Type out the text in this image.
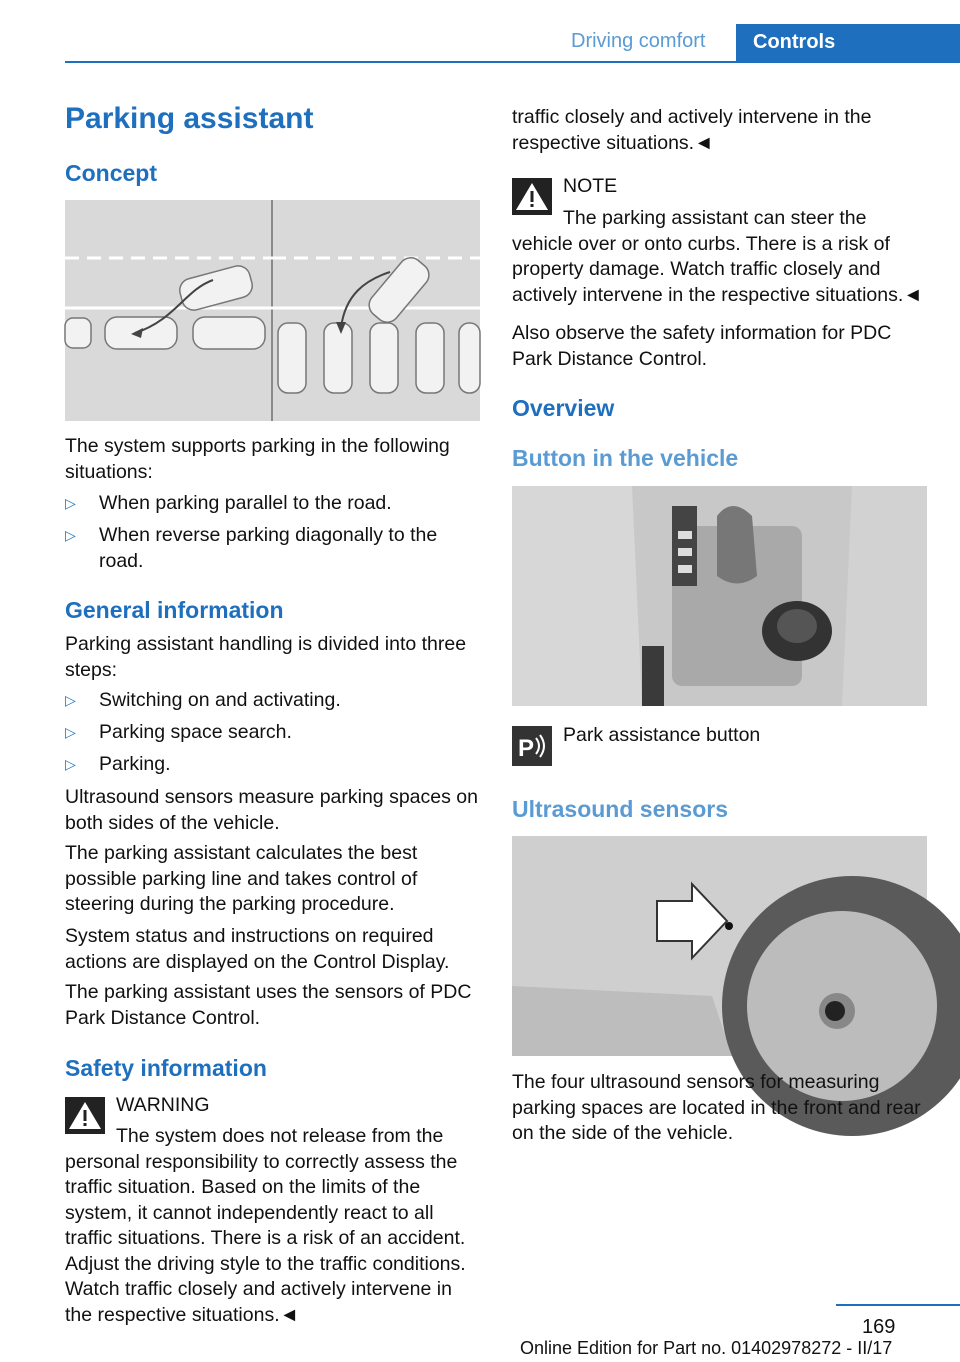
Driving comfort Controls
Parking assistant
Concept
The system supports parking in the following situations:
▷ When parking parallel to the road.
▷ When reverse parking diagonally to the road.
General information
Parking assistant handling is divided into three steps:
▷ Switching on and activating.
▷ Parking space search.
▷ Parking.
Ultrasound sensors measure parking spaces on both sides of the vehicle.
The parking assistant calculates the best possible parking line and takes control of steering during the parking procedure.
System status and instructions on required actions are displayed on the Control Display.
The parking assistant uses the sensors of PDC Park Distance Control.
Safety information
WARNING
The system does not release from the personal responsibility to correctly assess the traffic situation. Based on the limits of the system, it cannot independently react to all traffic situations. There is a risk of an accident. Adjust the driving style to the traffic conditions. Watch traffic closely and actively intervene in the respective situations.◄
traffic closely and actively intervene in the respective situations.◄
NOTE
The parking assistant can steer the vehicle over or onto curbs. There is a risk of property damage. Watch traffic closely and actively intervene in the respective situations.◄
Also observe the safety information for PDC Park Distance Control.
Overview
Button in the vehicle
P Park assistance button
Ultrasound sensors
The four ultrasound sensors for measuring parking spaces are located in the front and rear on the side of the vehicle.
169
Online Edition for Part no. 01402978272 - II/17
